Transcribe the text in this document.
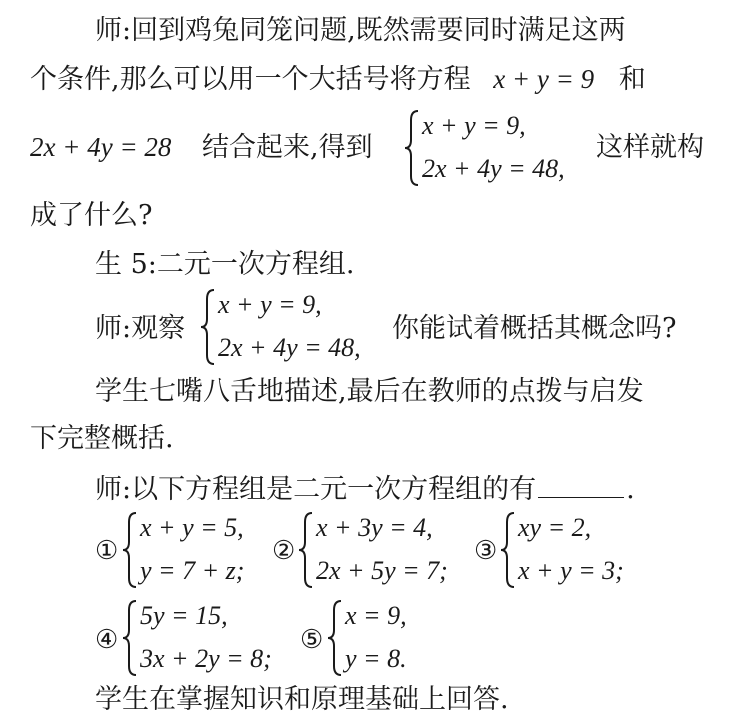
师:回到鸡兔同笼问题,既然需要同时满足这两
个条件,那么可以用一个大括号将方程 x + y = 9 和
2x + 4y = 28 结合起来,得到
x + y = 9,
2x + 4y = 48,
这样就构
成了什么?
生 5:二元一次方程组.
师:观察
x + y = 9,
2x + 4y = 48,
你能试着概括其概念吗?
学生七嘴八舌地描述,最后在教师的点拨与启发
下完整概括.
师:以下方程组是二元一次方程组的有	.
①
x + y = 5,
y = 7 + z;
②
x + 3y = 4,
2x + 5y = 7;
③
xy = 2,
x + y = 3;
④
5y = 15,
3x + 2y = 8;
⑤
x = 9,
y = 8.
学生在掌握知识和原理基础上回答.
